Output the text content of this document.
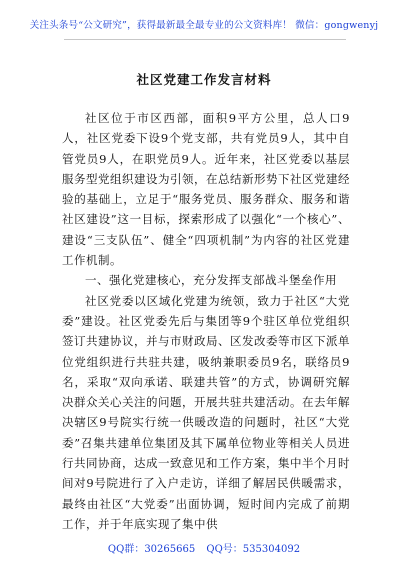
关注头条号“公文研究”，获得最新最全最专业的公文资料库！ 微信：gongwenyj
社区党建工作发言材料

社区位于市区西部，面积9平方公里，总人口9人，社区党委下设9个党支部，共有党员9人，其中自管党员9人，在职党员9人。近年来，社区党委以基层服务型党组织建设为引领，在总结新形势下社区党建经验的基础上，立足于“服务党员、服务群众、服务和谐社区建设”这一目标，探索形成了以强化“一个核心”、建设“三支队伍”、健全“四项机制”为内容的社区党建工作机制。

一、强化党建核心，充分发挥支部战斗堡垒作用

社区党委以区域化党建为统领，致力于社区“大党委”建设。社区党委先后与集团等9个驻区单位党组织签订共建协议，并与市财政局、区发改委等市区下派单位党组织进行共驻共建，吸纳兼职委员9名，联络员9名，采取“双向承诺、联建共管”的方式，协调研究解决群众关心关注的问题，开展共驻共建活动。在去年解决辖区9号院实行统一供暖改造的问题时，社区“大党委”召集共建单位集团及其下属单位物业等相关人员进行共同协商，达成一致意见和工作方案，集中半个月时间对9号院进行了入户走访，详细了解居民供暖需求，最终由社区“大党委”出面协调，短时间内完成了前期工作，并于年底实现了集中供

QQ群：30265665 QQ号：535304092
